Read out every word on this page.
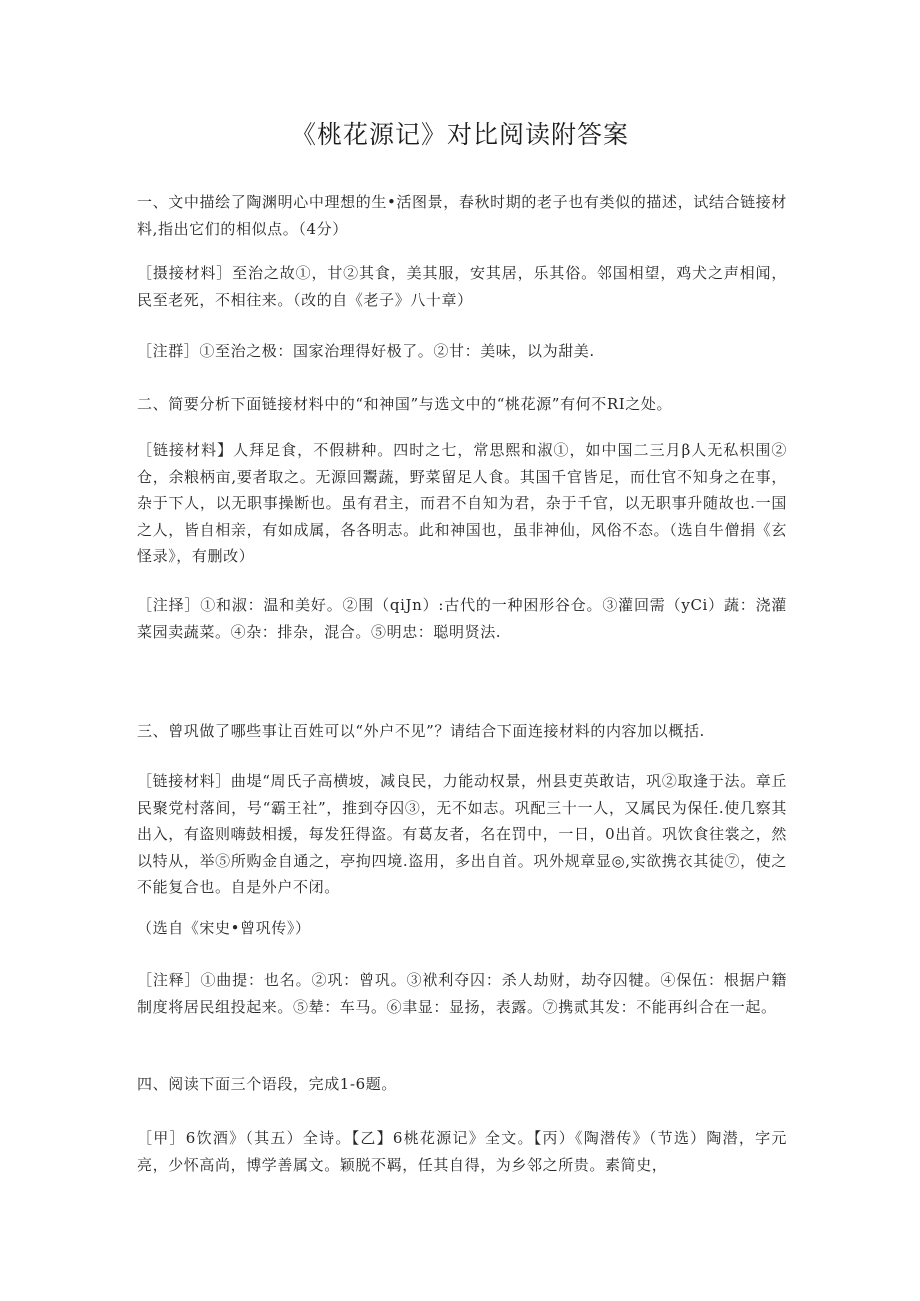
《桃花源记》对比阅读附答案

一、文中描绘了陶渊明心中理想的生•活图景，春秋时期的老子也有类似的描述，试结合链接材料,指出它们的相似点。（4分）

［摄接材料］至治之故①，甘②其食，美其服，安其居，乐其俗。邻国相望，鸡犬之声相闻，民至老死，不相往来。（改的自《老子》八十章）

［注群］①至治之极：国家治理得好极了。②甘：美味，以为甜美.

二、简要分析下面链接材料中的“和神国”与选文中的“桃花源”有何不RI之处。

［链接材料】人拜足食，不假耕种。四时之七，常思熙和淑①，如中国二三月β人无私枳围②仓，余粮柄亩,要者取之。无源回鬻蔬，野菜留足人食。其国千官皆足，而仕官不知身之在事，杂于下人，以无职事操断也。虽有君主，而君不自知为君，杂于千官，以无职事升随故也.一国之人，皆自相亲，有如成属，各各明志。此和神国也，虽非神仙，风俗不态。（选自牛僧捐《玄怪录》，有删改）

［注择］①和淑：温和美好。②围（qiJn）:古代的一种困形谷仓。③灌回需（yCi）蔬：浇灌菜园卖蔬菜。④杂：排杂，混合。⑤明忠：聪明贤法.

三、曾巩做了哪些事让百姓可以“外户不见”？请结合下面连接材料的内容加以概括.

［链接材料］曲堤“周氏子高横坡，减良民，力能动权景，州县吏英敢诘，巩②取逢于法。章丘民聚党村落间，号“霸王社”，推到夺囚③，无不如志。巩配三十一人，又属民为保任.使几察其出入，有盗则嗨鼓相援，每发狂得盗。有葛友者，名在罚中，一日，0出首。巩饮食往裳之，然以特从，举⑤所购金自通之，亭拘四境.盗用，多出自首。巩外规章显◎,实欲携衣其徒⑦，使之不能复合也。自是外户不闭。

（选自《宋史•曾巩传》）

［注释］①曲提：也名。②巩：曾巩。③袱利夺囚：杀人劫财，劫夺囚犍。④保伍：根据户籍制度将居民组投起来。⑤辇：车马。⑥聿显：显扬，表露。⑦携贰其发：不能再纠合在一起。

四、阅读下面三个语段，完成1-6题。

［甲］6饮酒》（其五）全诗。【乙】6桃花源记》全文。【丙）《陶潜传》（节选）陶潜，字元亮，少怀高尚，博学善属文。颖脱不羁，任其自得，为乡邻之所贵。素简史，
